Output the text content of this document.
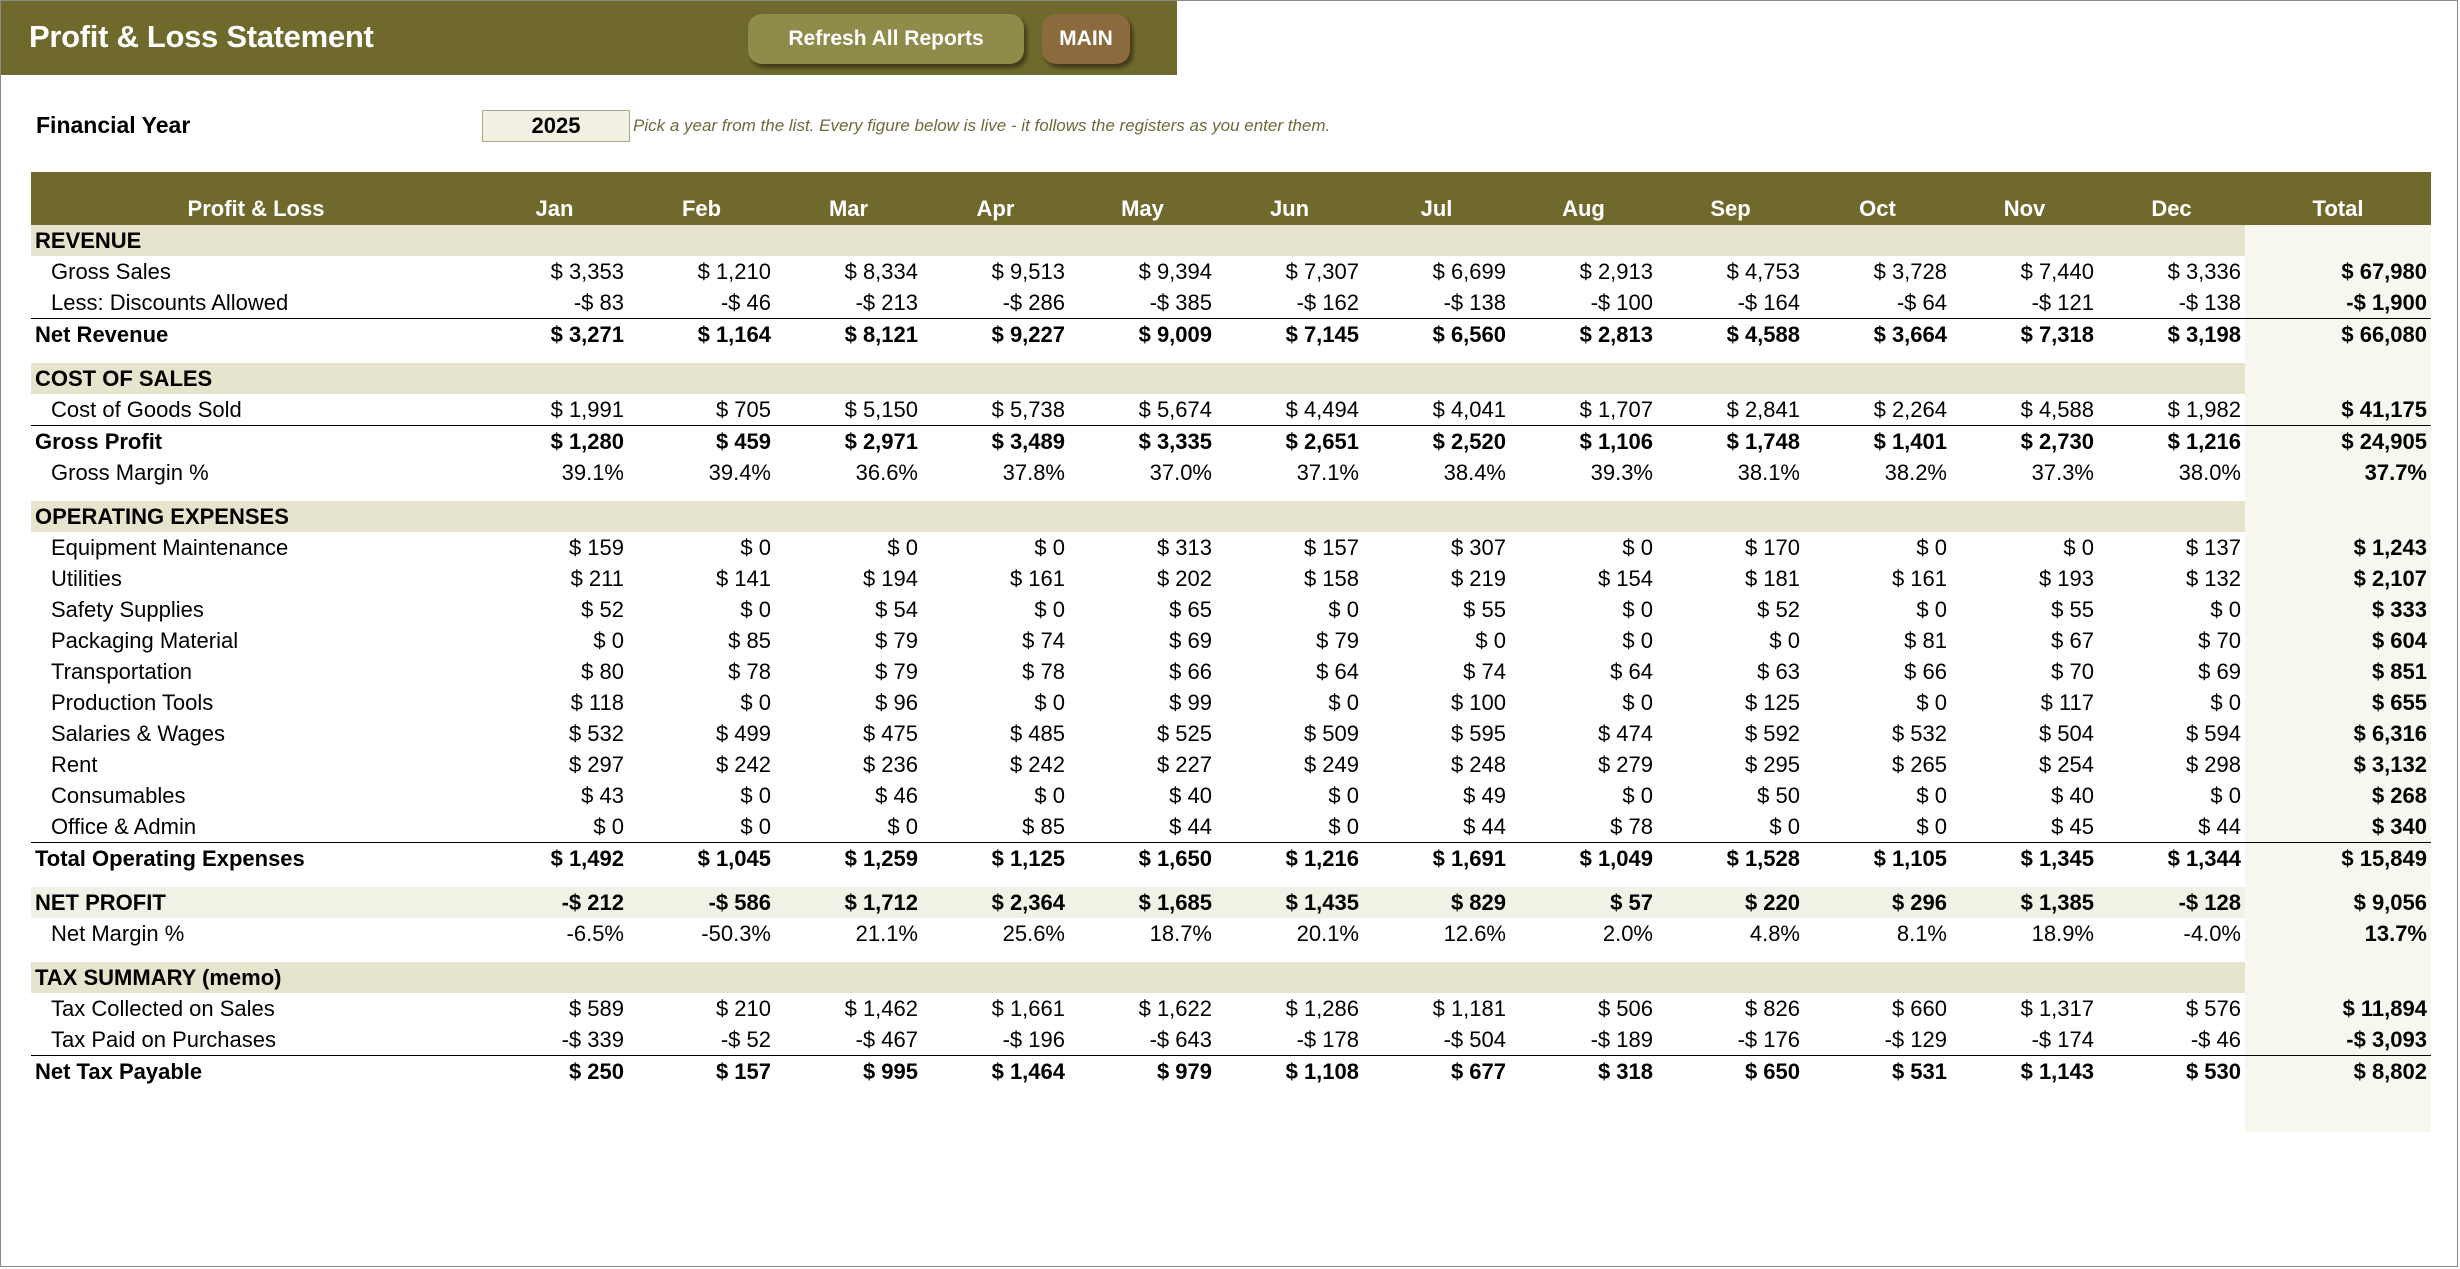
Profit & Loss Statement	Refresh All Reports	MAIN
Financial Year	2025	Pick a year from the list. Every figure below is live - it follows the registers as you enter them.
Profit & Loss	Jan	Feb	Mar	Apr	May	Jun	Jul	Aug	Sep	Oct	Nov	Dec	Total
REVENUE													
Gross Sales	$ 3,353	$ 1,210	$ 8,334	$ 9,513	$ 9,394	$ 7,307	$ 6,699	$ 2,913	$ 4,753	$ 3,728	$ 7,440	$ 3,336	$ 67,980
Less: Discounts Allowed	-$ 83	-$ 46	-$ 213	-$ 286	-$ 385	-$ 162	-$ 138	-$ 100	-$ 164	-$ 64	-$ 121	-$ 138	-$ 1,900
Net Revenue	$ 3,271	$ 1,164	$ 8,121	$ 9,227	$ 9,009	$ 7,145	$ 6,560	$ 2,813	$ 4,588	$ 3,664	$ 7,318	$ 3,198	$ 66,080

COST OF SALES													
Cost of Goods Sold	$ 1,991	$ 705	$ 5,150	$ 5,738	$ 5,674	$ 4,494	$ 4,041	$ 1,707	$ 2,841	$ 2,264	$ 4,588	$ 1,982	$ 41,175
Gross Profit	$ 1,280	$ 459	$ 2,971	$ 3,489	$ 3,335	$ 2,651	$ 2,520	$ 1,106	$ 1,748	$ 1,401	$ 2,730	$ 1,216	$ 24,905
Gross Margin %	39.1%	39.4%	36.6%	37.8%	37.0%	37.1%	38.4%	39.3%	38.1%	38.2%	37.3%	38.0%	37.7%

OPERATING EXPENSES													
Equipment Maintenance	$ 159	$ 0	$ 0	$ 0	$ 313	$ 157	$ 307	$ 0	$ 170	$ 0	$ 0	$ 137	$ 1,243
Utilities	$ 211	$ 141	$ 194	$ 161	$ 202	$ 158	$ 219	$ 154	$ 181	$ 161	$ 193	$ 132	$ 2,107
Safety Supplies	$ 52	$ 0	$ 54	$ 0	$ 65	$ 0	$ 55	$ 0	$ 52	$ 0	$ 55	$ 0	$ 333
Packaging Material	$ 0	$ 85	$ 79	$ 74	$ 69	$ 79	$ 0	$ 0	$ 0	$ 81	$ 67	$ 70	$ 604
Transportation	$ 80	$ 78	$ 79	$ 78	$ 66	$ 64	$ 74	$ 64	$ 63	$ 66	$ 70	$ 69	$ 851
Production Tools	$ 118	$ 0	$ 96	$ 0	$ 99	$ 0	$ 100	$ 0	$ 125	$ 0	$ 117	$ 0	$ 655
Salaries & Wages	$ 532	$ 499	$ 475	$ 485	$ 525	$ 509	$ 595	$ 474	$ 592	$ 532	$ 504	$ 594	$ 6,316
Rent	$ 297	$ 242	$ 236	$ 242	$ 227	$ 249	$ 248	$ 279	$ 295	$ 265	$ 254	$ 298	$ 3,132
Consumables	$ 43	$ 0	$ 46	$ 0	$ 40	$ 0	$ 49	$ 0	$ 50	$ 0	$ 40	$ 0	$ 268
Office & Admin	$ 0	$ 0	$ 0	$ 85	$ 44	$ 0	$ 44	$ 78	$ 0	$ 0	$ 45	$ 44	$ 340
Total Operating Expenses	$ 1,492	$ 1,045	$ 1,259	$ 1,125	$ 1,650	$ 1,216	$ 1,691	$ 1,049	$ 1,528	$ 1,105	$ 1,345	$ 1,344	$ 15,849

NET PROFIT	-$ 212	-$ 586	$ 1,712	$ 2,364	$ 1,685	$ 1,435	$ 829	$ 57	$ 220	$ 296	$ 1,385	-$ 128	$ 9,056
Net Margin %	-6.5%	-50.3%	21.1%	25.6%	18.7%	20.1%	12.6%	2.0%	4.8%	8.1%	18.9%	-4.0%	13.7%

TAX SUMMARY (memo)													
Tax Collected on Sales	$ 589	$ 210	$ 1,462	$ 1,661	$ 1,622	$ 1,286	$ 1,181	$ 506	$ 826	$ 660	$ 1,317	$ 576	$ 11,894
Tax Paid on Purchases	-$ 339	-$ 52	-$ 467	-$ 196	-$ 643	-$ 178	-$ 504	-$ 189	-$ 176	-$ 129	-$ 174	-$ 46	-$ 3,093
Net Tax Payable	$ 250	$ 157	$ 995	$ 1,464	$ 979	$ 1,108	$ 677	$ 318	$ 650	$ 531	$ 1,143	$ 530	$ 8,802
